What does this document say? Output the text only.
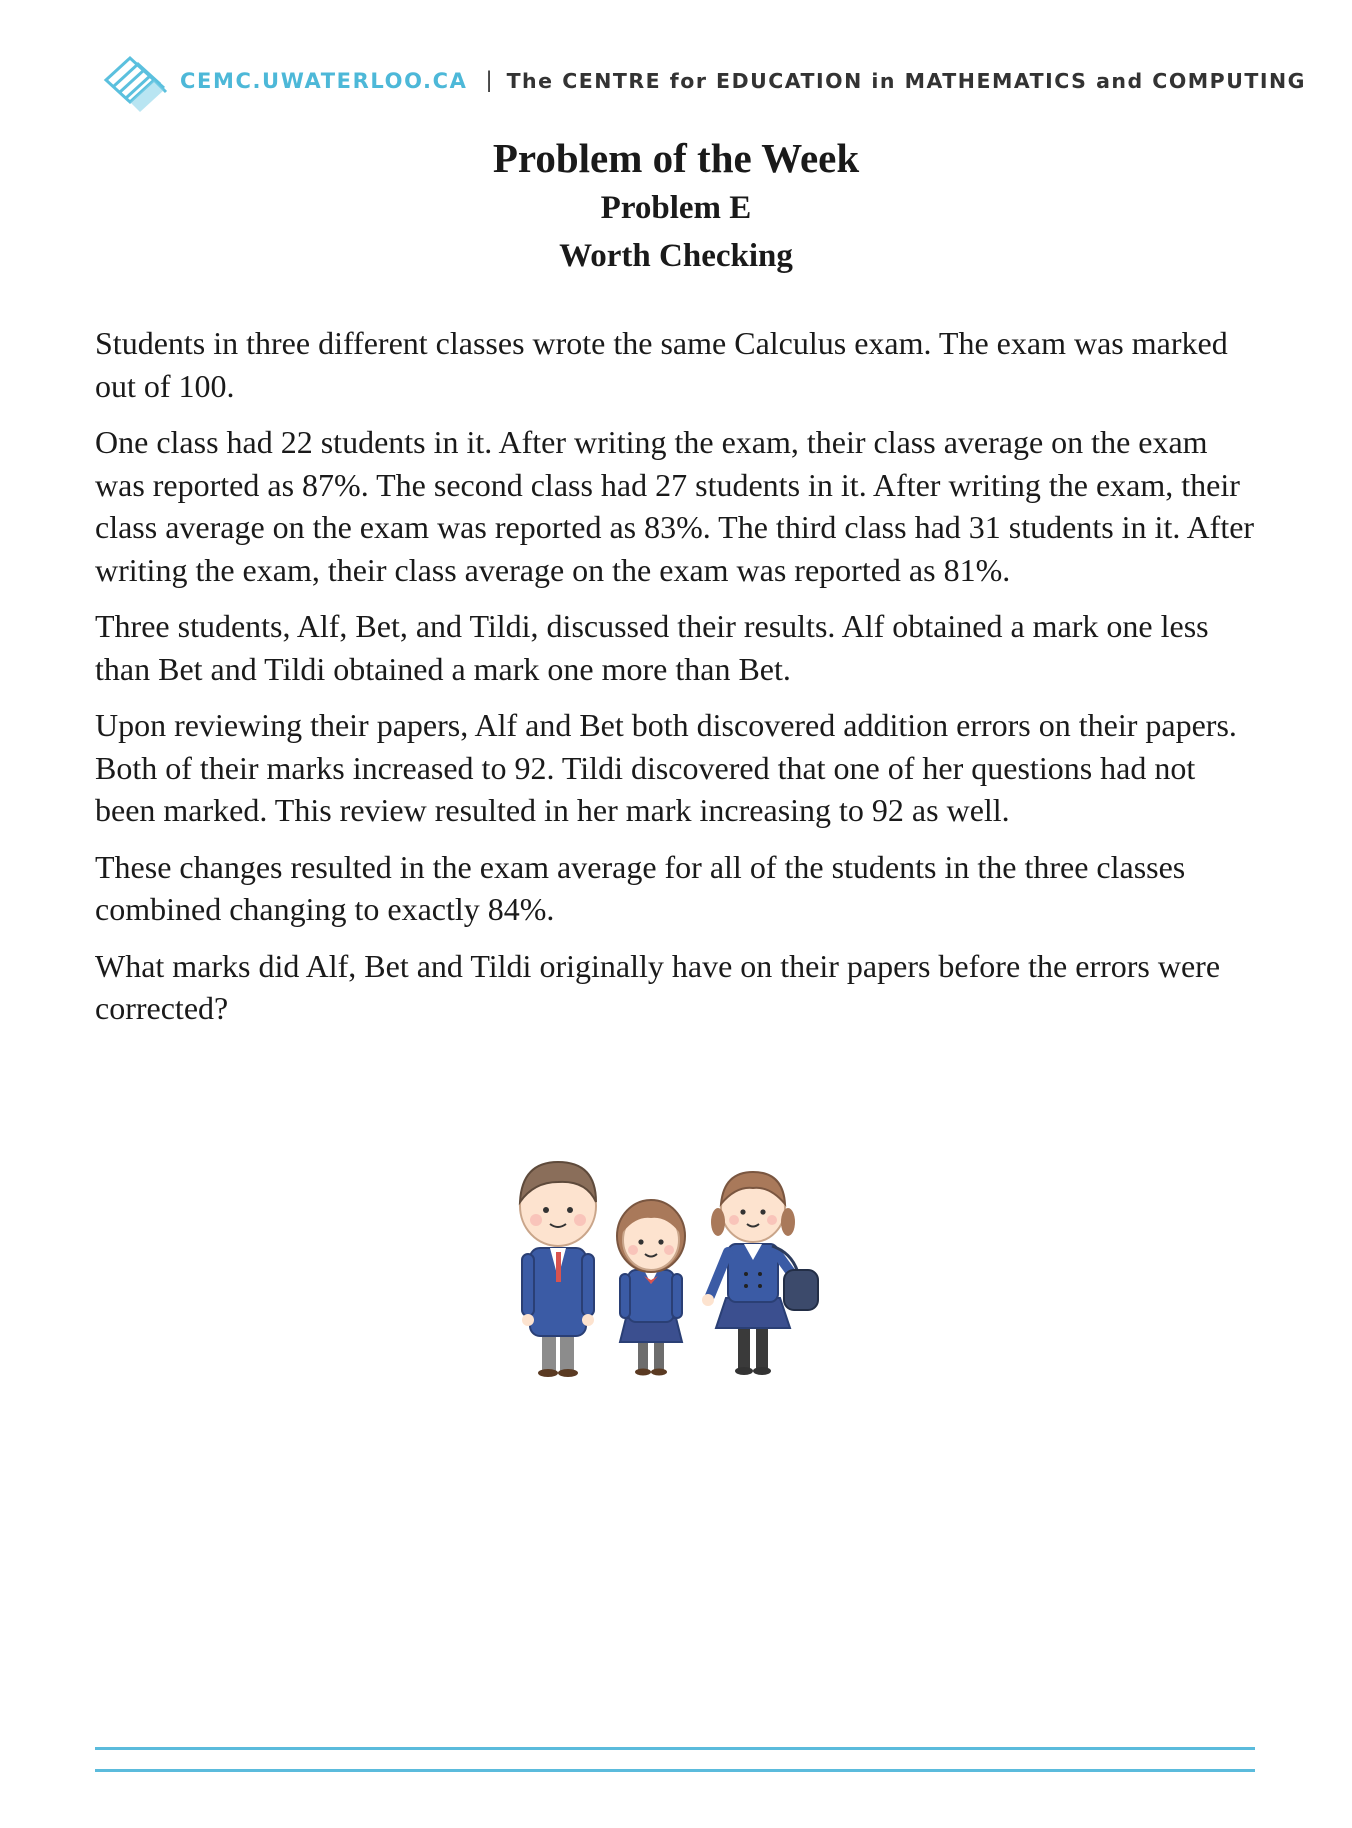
CEMC.UWATERLOO.CA | The CENTRE for EDUCATION in MATHEMATICS and COMPUTING

Problem of the Week

Problem E

Worth Checking

Students in three different classes wrote the same Calculus exam. The exam was marked out of 100.

One class had 22 students in it. After writing the exam, their class average on the exam was reported as 87%. The second class had 27 students in it. After writing the exam, their class average on the exam was reported as 83%. The third class had 31 students in it. After writing the exam, their class average on the exam was reported as 81%.

Three students, Alf, Bet, and Tildi, discussed their results. Alf obtained a mark one less than Bet and Tildi obtained a mark one more than Bet.

Upon reviewing their papers, Alf and Bet both discovered addition errors on their papers. Both of their marks increased to 92. Tildi discovered that one of her questions had not been marked. This review resulted in her mark increasing to 92 as well.

These changes resulted in the exam average for all of the students in the three classes combined changing to exactly 84%.

What marks did Alf, Bet and Tildi originally have on their papers before the errors were corrected?
